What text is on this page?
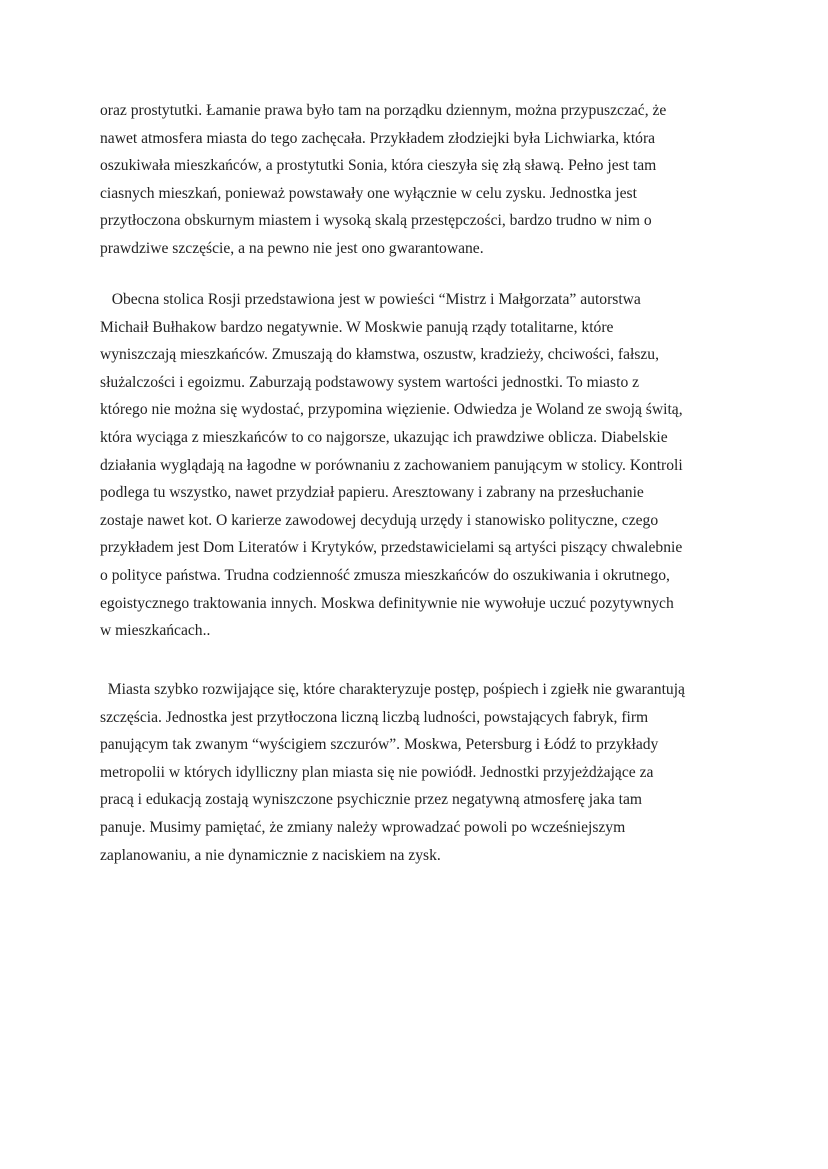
oraz prostytutki. Łamanie prawa było tam na porządku dziennym, można przypuszczać, że
nawet atmosfera miasta do tego zachęcała. Przykładem złodziejki była Lichwiarka, która
oszukiwała mieszkańców, a prostytutki Sonia, która cieszyła się złą sławą. Pełno jest tam
ciasnych mieszkań, ponieważ powstawały one wyłącznie w celu zysku. Jednostka jest
przytłoczona obskurnym miastem i wysoką skalą przestępczości, bardzo trudno w nim o
prawdziwe szczęście, a na pewno nie jest ono gwarantowane.
Obecna stolica Rosji przedstawiona jest w powieści “Mistrz i Małgorzata” autorstwa
Michaił Bułhakow bardzo negatywnie. W Moskwie panują rządy totalitarne, które
wyniszczają mieszkańców. Zmuszają do kłamstwa, oszustw, kradzieży, chciwości, fałszu,
służalczości i egoizmu. Zaburzają podstawowy system wartości jednostki. To miasto z
którego nie można się wydostać, przypomina więzienie. Odwiedza je Woland ze swoją świtą,
która wyciąga z mieszkańców to co najgorsze, ukazując ich prawdziwe oblicza. Diabelskie
działania wyglądają na łagodne w porównaniu z zachowaniem panującym w stolicy. Kontroli
podlega tu wszystko, nawet przydział papieru. Aresztowany i zabrany na przesłuchanie
zostaje nawet kot. O karierze zawodowej decydują urzędy i stanowisko polityczne, czego
przykładem jest Dom Literatów i Krytyków, przedstawicielami są artyści piszący chwalebnie
o polityce państwa. Trudna codzienność zmusza mieszkańców do oszukiwania i okrutnego,
egoistycznego traktowania innych. Moskwa definitywnie nie wywołuje uczuć pozytywnych
w mieszkańcach..
Miasta szybko rozwijające się, które charakteryzuje postęp, pośpiech i zgiełk nie gwarantują
szczęścia. Jednostka jest przytłoczona liczną liczbą ludności, powstających fabryk, firm
panującym tak zwanym “wyścigiem szczurów”. Moskwa, Petersburg i Łódź to przykłady
metropolii w których idylliczny plan miasta się nie powiódł. Jednostki przyjeżdżające za
pracą i edukacją zostają wyniszczone psychicznie przez negatywną atmosferę jaka tam
panuje. Musimy pamiętać, że zmiany należy wprowadzać powoli po wcześniejszym
zaplanowaniu, a nie dynamicznie z naciskiem na zysk.
